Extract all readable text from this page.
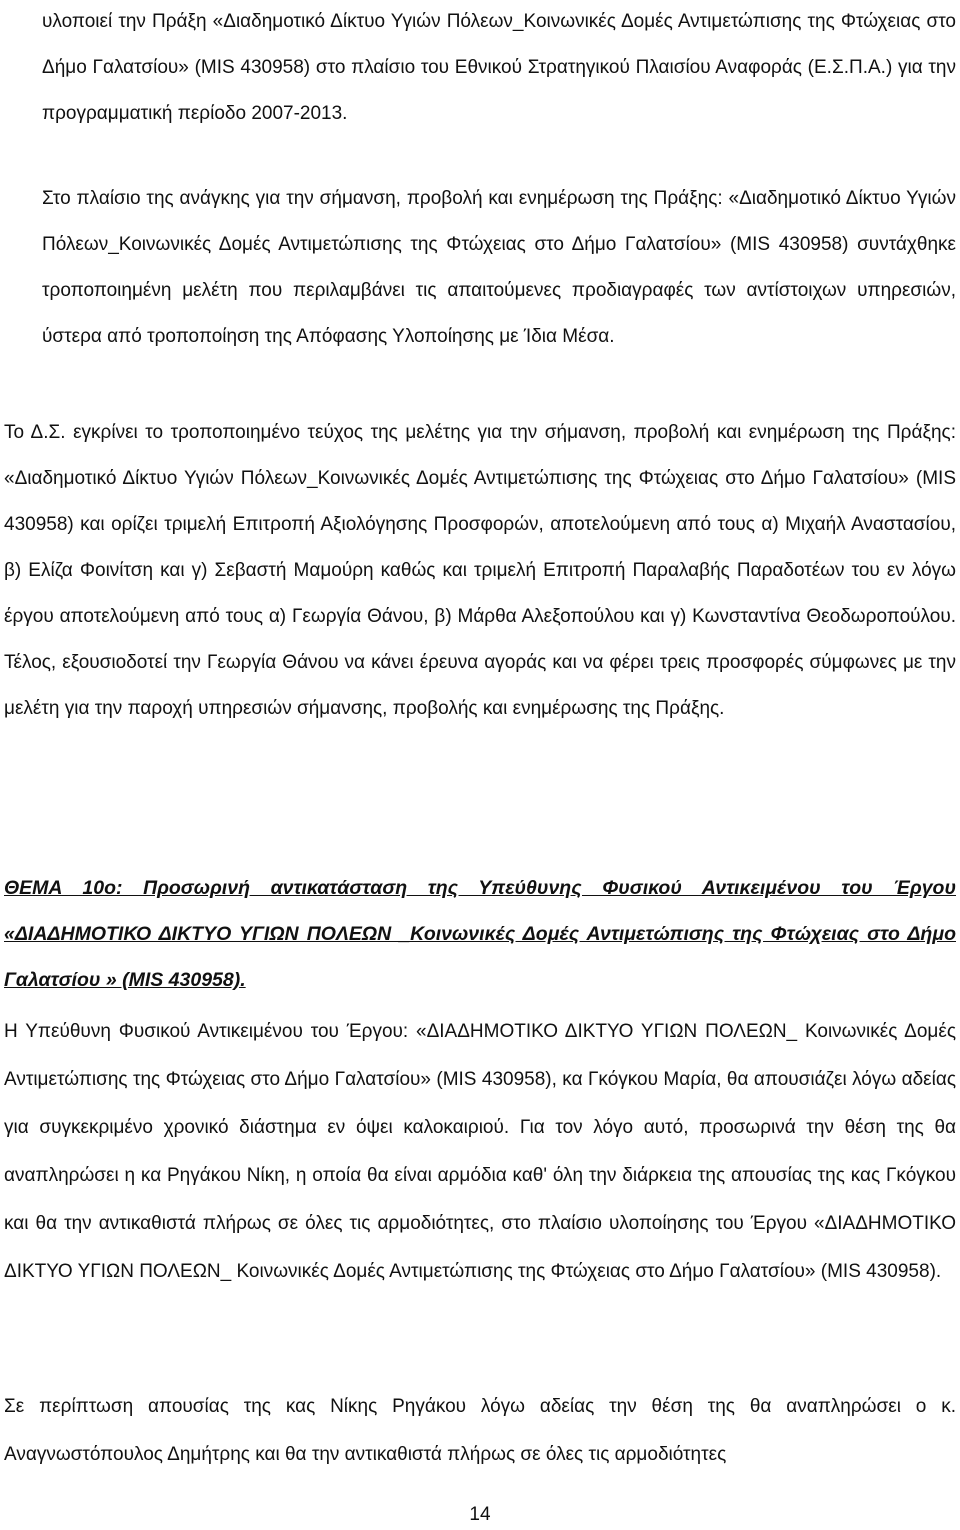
υλοποιεί την Πράξη «Διαδημοτικό Δίκτυο Υγιών Πόλεων_Κοινωνικές Δομές Αντιμετώπισης της Φτώχειας στο Δήμο Γαλατσίου» (MIS 430958) στο πλαίσιο του Εθνικού Στρατηγικού Πλαισίου Αναφοράς (Ε.Σ.Π.Α.) για την προγραμματική περίοδο 2007-2013.

Στο πλαίσιο της ανάγκης για την σήμανση, προβολή και ενημέρωση της Πράξης: «Διαδημοτικό Δίκτυο Υγιών Πόλεων_Κοινωνικές Δομές Αντιμετώπισης της Φτώχειας στο Δήμο Γαλατσίου» (MIS 430958) συντάχθηκε τροποποιημένη μελέτη που περιλαμβάνει τις απαιτούμενες προδιαγραφές των αντίστοιχων υπηρεσιών, ύστερα από τροποποίηση της Απόφασης Υλοποίησης με Ίδια Μέσα.

Το Δ.Σ. εγκρίνει το τροποποιημένο τεύχος της μελέτης για την σήμανση, προβολή και ενημέρωση της Πράξης: «Διαδημοτικό Δίκτυο Υγιών Πόλεων_Κοινωνικές Δομές Αντιμετώπισης της Φτώχειας στο Δήμο Γαλατσίου» (MIS 430958) και ορίζει τριμελή Επιτροπή Αξιολόγησης Προσφορών, αποτελούμενη από τους α) Μιχαήλ Αναστασίου, β) Ελίζα Φοινίτση και γ) Σεβαστή Μαμούρη καθώς και τριμελή Επιτροπή Παραλαβής Παραδοτέων του εν λόγω έργου αποτελούμενη από τους α) Γεωργία Θάνου, β) Μάρθα Αλεξοπούλου και γ) Κωνσταντίνα Θεοδωροπούλου. Τέλος, εξουσιοδοτεί την Γεωργία Θάνου να κάνει έρευνα αγοράς και να φέρει τρεις προσφορές σύμφωνες με την μελέτη για την παροχή υπηρεσιών σήμανσης, προβολής και ενημέρωσης της Πράξης.

ΘΕΜΑ 10ο: Προσωρινή αντικατάσταση της Υπεύθυνης Φυσικού Αντικειμένου του Έργου «ΔΙΑΔΗΜΟΤΙΚΟ ΔΙΚΤΥΟ ΥΓΙΩΝ ΠΟΛΕΩΝ _Κοινωνικές Δομές Αντιμετώπισης της Φτώχειας στο Δήμο Γαλατσίου » (MIS 430958).

Η Υπεύθυνη Φυσικού Αντικειμένου του Έργου: «ΔΙΑΔΗΜΟΤΙΚΟ ΔΙΚΤΥΟ ΥΓΙΩΝ ΠΟΛΕΩΝ_ Κοινωνικές Δομές Αντιμετώπισης της Φτώχειας στο Δήμο Γαλατσίου» (MIS 430958), κα Γκόγκου Μαρία, θα απουσιάζει λόγω αδείας για συγκεκριμένο χρονικό διάστημα εν όψει καλοκαιριού. Για τον λόγο αυτό, προσωρινά την θέση της θα αναπληρώσει η κα Ρηγάκου Νίκη, η οποία θα είναι αρμόδια καθ' όλη την διάρκεια της απουσίας της κας Γκόγκου και θα την αντικαθιστά πλήρως σε όλες τις αρμοδιότητες, στο πλαίσιο υλοποίησης του Έργου «ΔΙΑΔΗΜΟΤΙΚΟ ΔΙΚΤΥΟ ΥΓΙΩΝ ΠΟΛΕΩΝ_ Κοινωνικές Δομές Αντιμετώπισης της Φτώχειας στο Δήμο Γαλατσίου» (MIS 430958).

Σε περίπτωση απουσίας της κας Νίκης Ρηγάκου λόγω αδείας την θέση της θα αναπληρώσει ο κ. Αναγνωστόπουλος Δημήτρης και θα την αντικαθιστά πλήρως σε όλες τις αρμοδιότητες

14
